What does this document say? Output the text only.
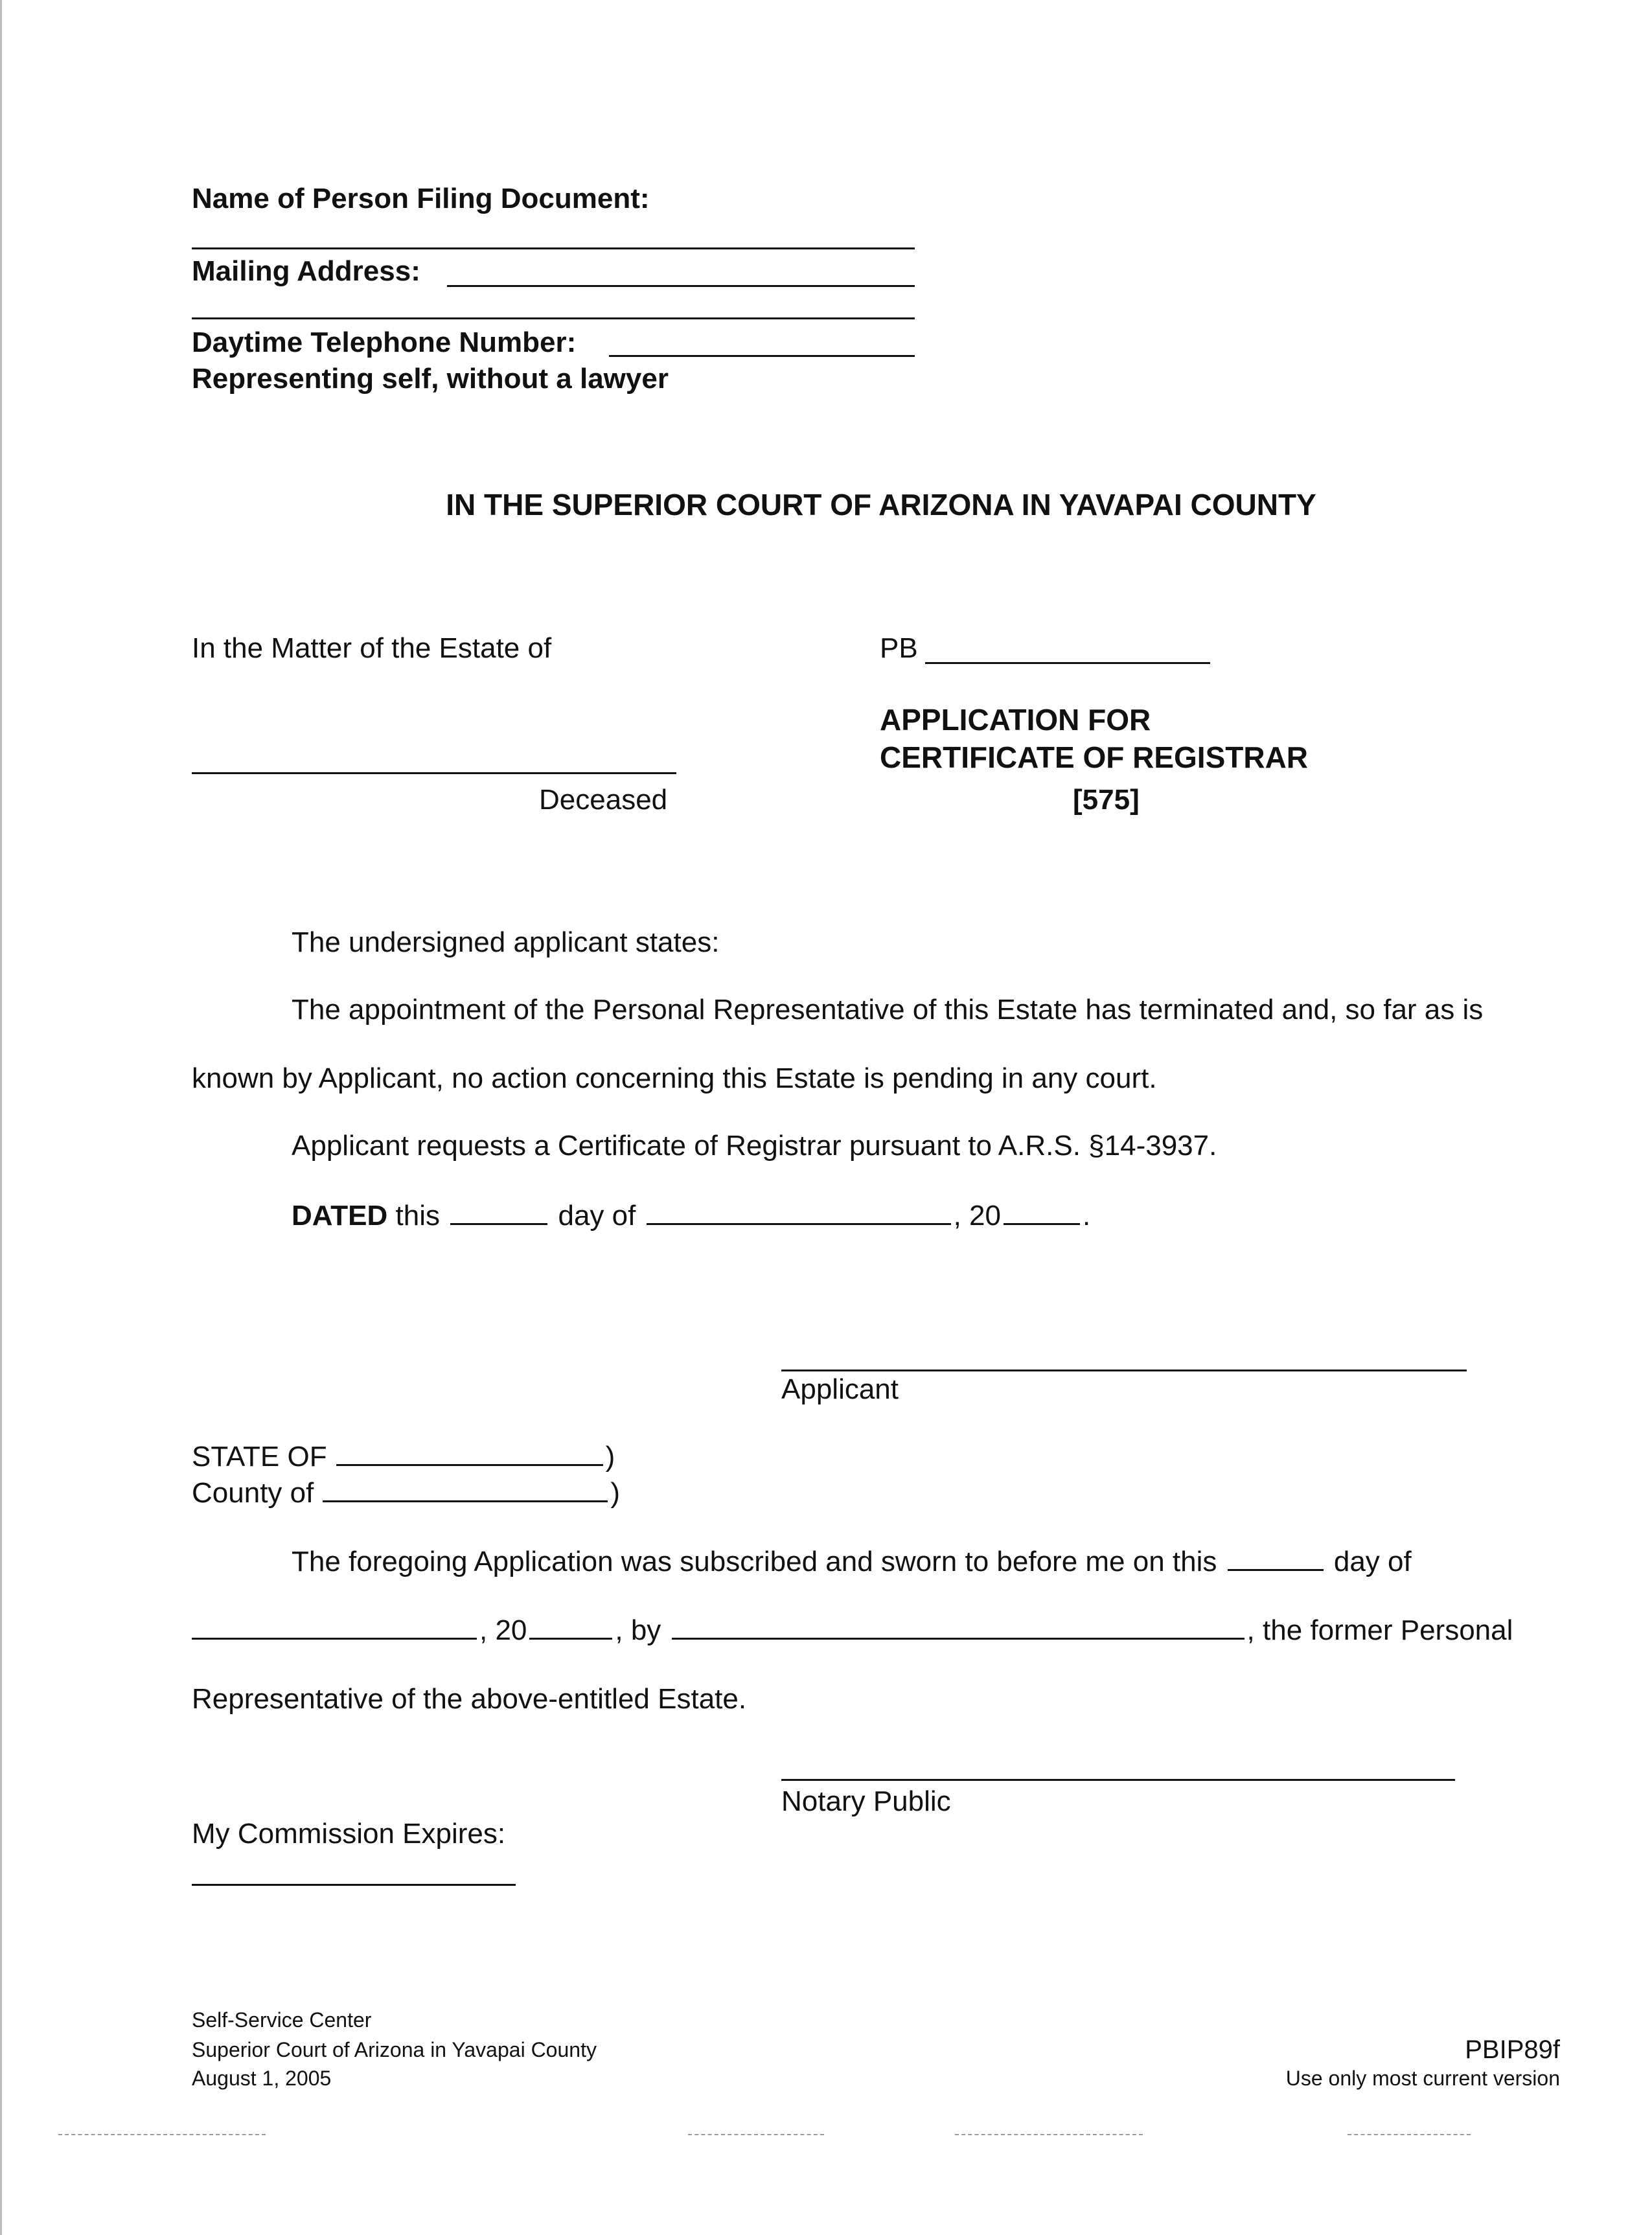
Name of Person Filing Document:
Mailing Address:
Daytime Telephone Number:
Representing self, without a lawyer
IN THE SUPERIOR COURT OF ARIZONA IN YAVAPAI COUNTY
In the Matter of the Estate of
Deceased
PB
APPLICATION FOR
CERTIFICATE OF REGISTRAR
[575]
The undersigned applicant states:
The appointment of the Personal Representative of this Estate has terminated and, so far as is
known by Applicant, no action concerning this Estate is pending in any court.
Applicant requests a Certificate of Registrar pursuant to A.R.S. §14-3937.
DATED this	day of	, 20	.
Applicant
STATE OF	)
County of	)
The foregoing Application was subscribed and sworn to before me on this	day of
, 20	, by	, the former Personal
Representative of the above-entitled Estate.
Notary Public
My Commission Expires:
Self-Service Center
Superior Court of Arizona in Yavapai County
August 1, 2005
PBIP89f
Use only most current version
